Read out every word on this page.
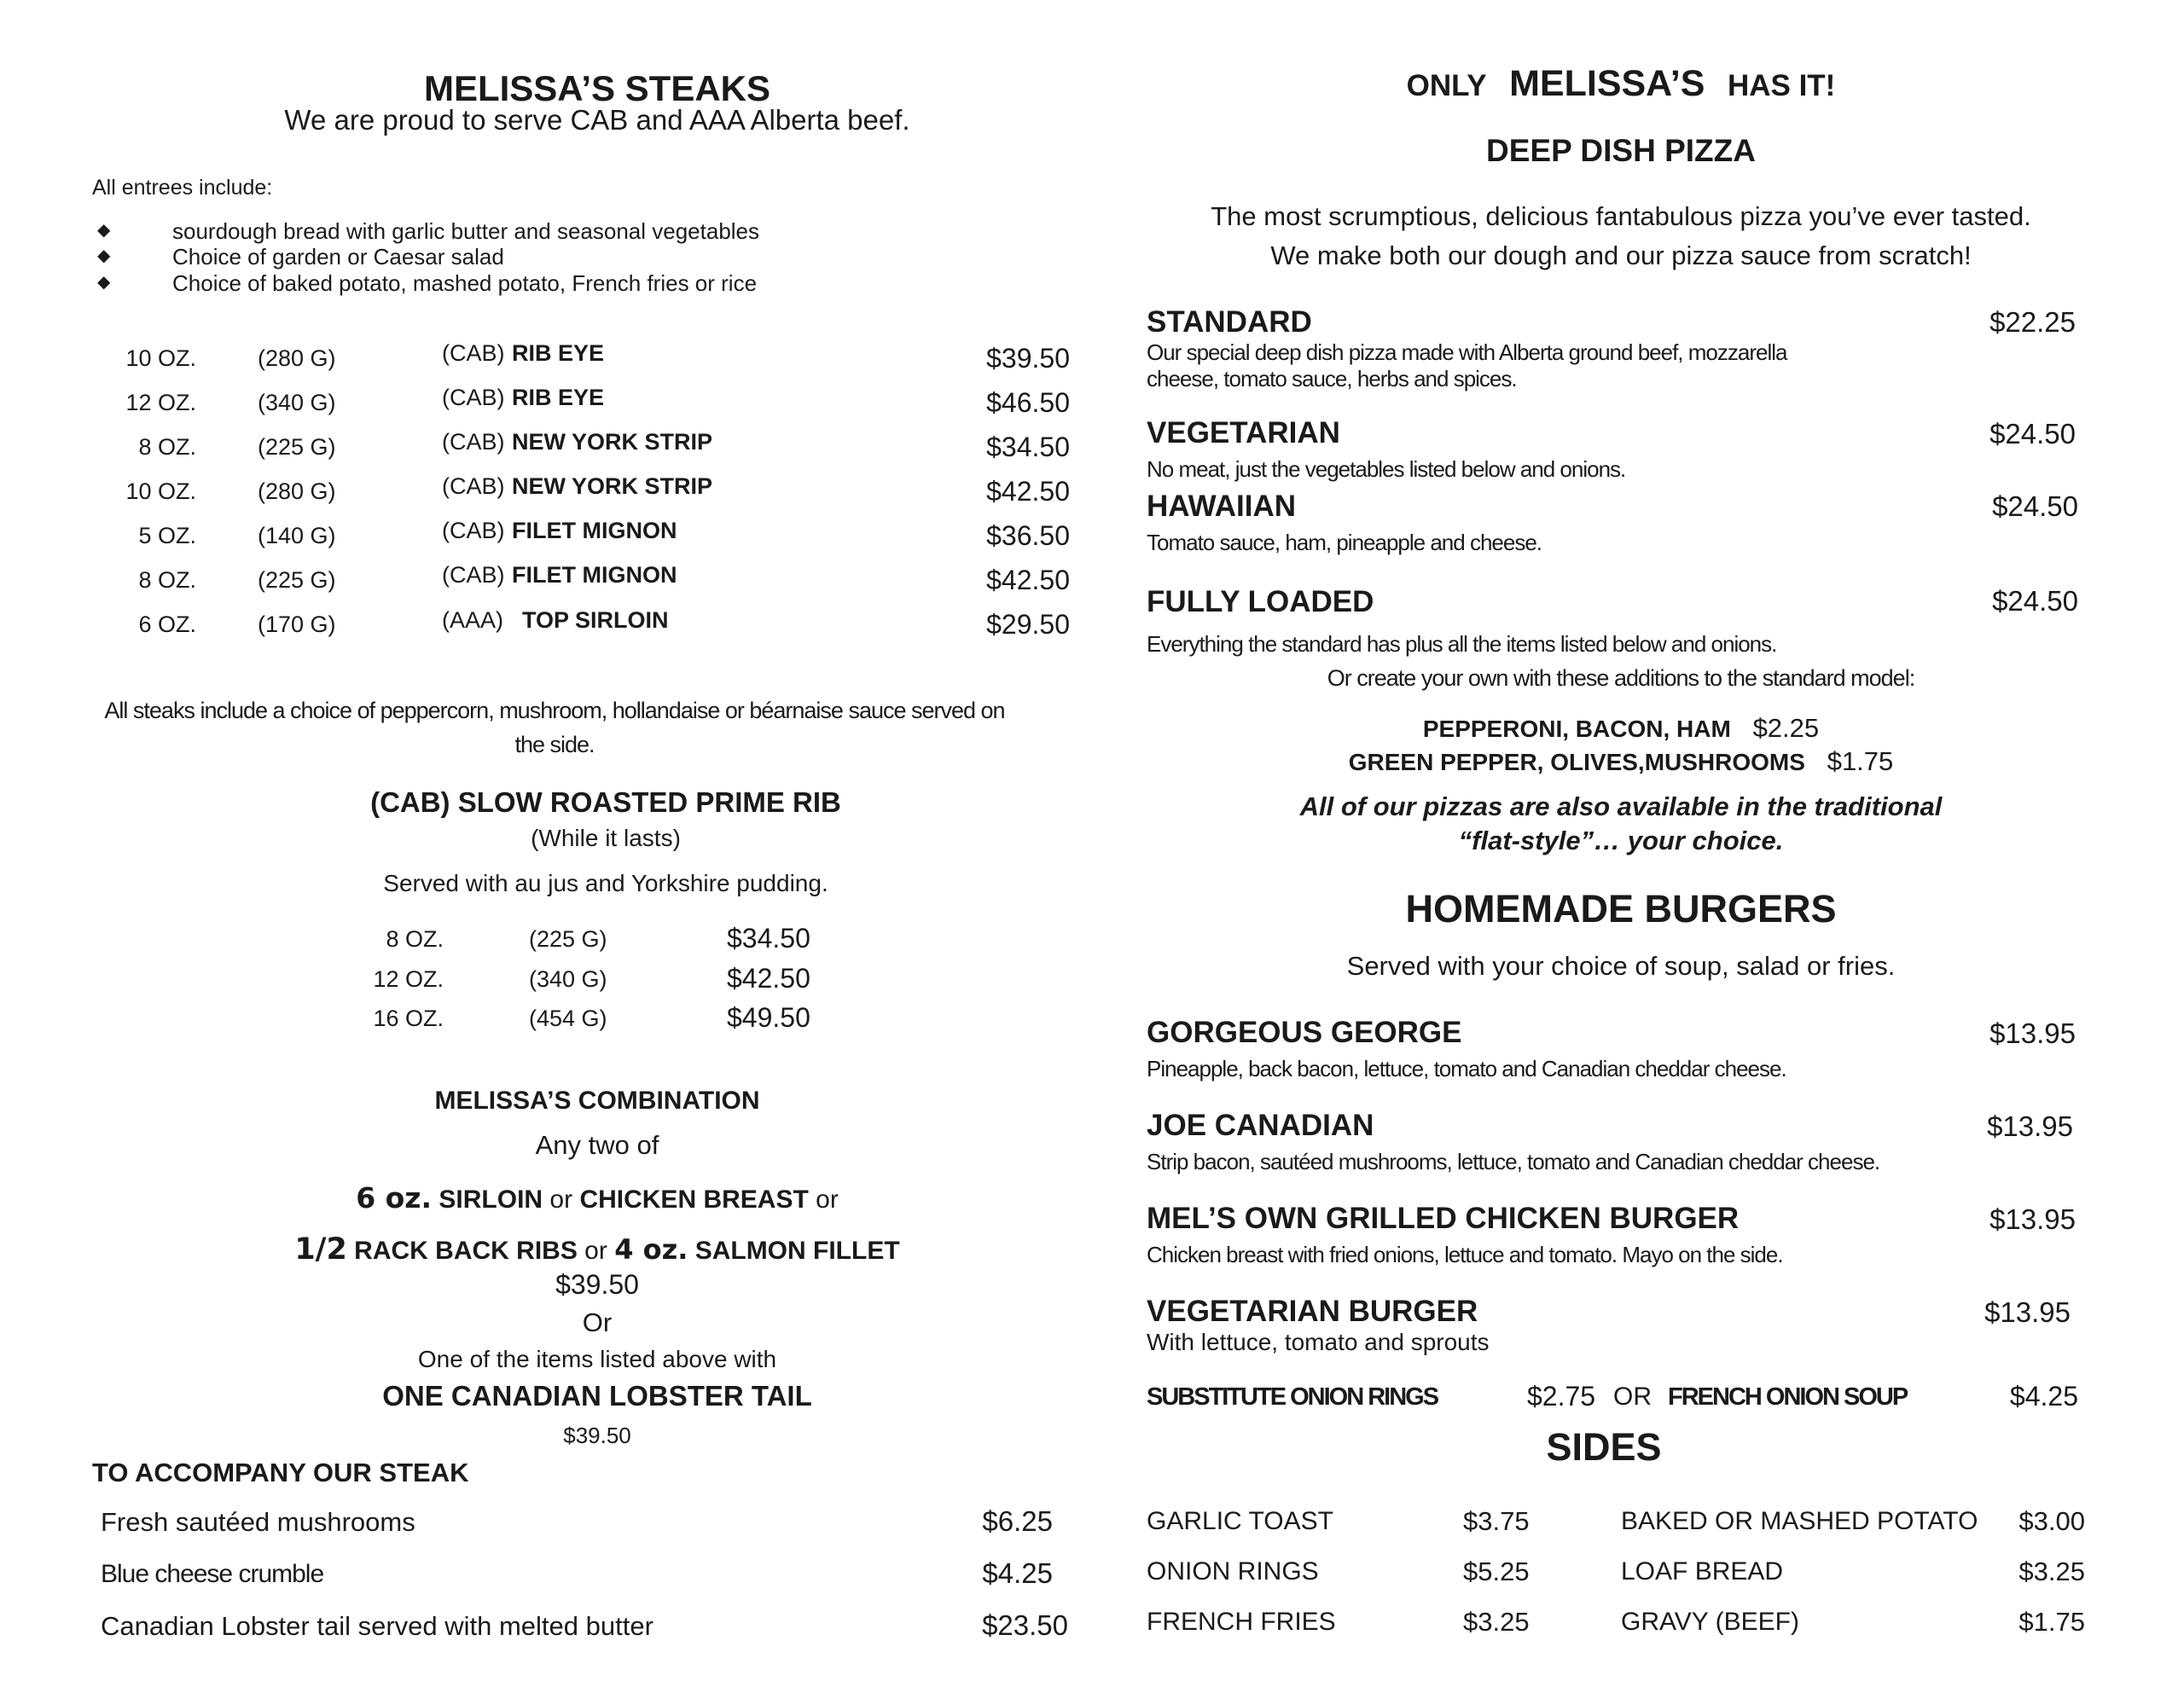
MELISSA’S STEAKS
We are proud to serve CAB and AAA Alberta beef.
All entrees include:
◆	sourdough bread with garlic butter and seasonal vegetables
◆	Choice of garden or Caesar salad
◆	Choice of baked potato, mashed potato, French fries or rice
10 OZ.	(280 G)	(CAB) RIB EYE	$39.50
12 OZ.	(340 G)	(CAB) RIB EYE	$46.50
8 OZ.	(225 G)	(CAB) NEW YORK STRIP	$34.50
10 OZ.	(280 G)	(CAB) NEW YORK STRIP	$42.50
5 OZ.	(140 G)	(CAB) FILET MIGNON	$36.50
8 OZ.	(225 G)	(CAB) FILET MIGNON	$42.50
6 OZ.	(170 G)	(AAA) TOP SIRLOIN	$29.50
All steaks include a choice of peppercorn, mushroom, hollandaise or béarnaise sauce served on
the side.
(CAB) SLOW ROASTED PRIME RIB
(While it lasts)
Served with au jus and Yorkshire pudding.
8 OZ.	(225 G)	$34.50
12 OZ.	(340 G)	$42.50
16 OZ.	(454 G)	$49.50
MELISSA’S COMBINATION
Any two of
6 oz. SIRLOIN or CHICKEN BREAST or
1/2 RACK BACK RIBS or 4 oz. SALMON FILLET
$39.50
Or
One of the items listed above with
ONE CANADIAN LOBSTER TAIL
$39.50
TO ACCOMPANY OUR STEAK
Fresh sautéed mushrooms	$6.25
Blue cheese crumble	$4.25
Canadian Lobster tail served with melted butter	$23.50
ONLY MELISSA’S HAS IT!
DEEP DISH PIZZA
The most scrumptious, delicious fantabulous pizza you’ve ever tasted.
We make both our dough and our pizza sauce from scratch!
STANDARD	$22.25
Our special deep dish pizza made with Alberta ground beef, mozzarella
cheese, tomato sauce, herbs and spices.
VEGETARIAN	$24.50
No meat, just the vegetables listed below and onions.
HAWAIIAN	$24.50
Tomato sauce, ham, pineapple and cheese.
FULLY LOADED	$24.50
Everything the standard has plus all the items listed below and onions.
Or create your own with these additions to the standard model:
PEPPERONI, BACON, HAM $2.25
GREEN PEPPER, OLIVES,MUSHROOMS $1.75
All of our pizzas are also available in the traditional
“flat-style”… your choice.
HOMEMADE BURGERS
Served with your choice of soup, salad or fries.
GORGEOUS GEORGE	$13.95
Pineapple, back bacon, lettuce, tomato and Canadian cheddar cheese.
JOE CANADIAN	$13.95
Strip bacon, sautéed mushrooms, lettuce, tomato and Canadian cheddar cheese.
MEL’S OWN GRILLED CHICKEN BURGER	$13.95
Chicken breast with fried onions, lettuce and tomato. Mayo on the side.
VEGETARIAN BURGER	$13.95
With lettuce, tomato and sprouts
SUBSTITUTE ONION RINGS	$2.75 OR FRENCH ONION SOUP	$4.25
SIDES
GARLIC TOAST	$3.75	BAKED OR MASHED POTATO $3.00
ONION RINGS	$5.25	LOAF BREAD	$3.25
FRENCH FRIES	$3.25	GRAVY (BEEF)	$1.75
